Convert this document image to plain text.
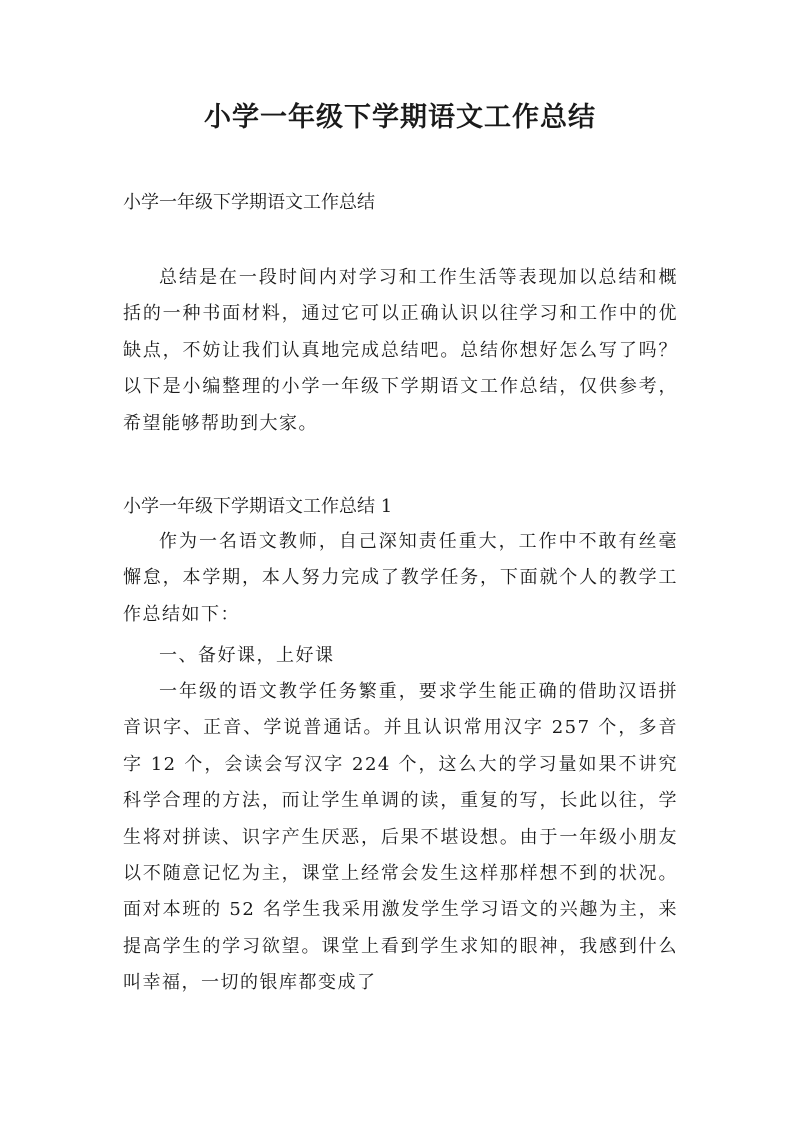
小学一年级下学期语文工作总结

小学一年级下学期语文工作总结

总结是在一段时间内对学习和工作生活等表现加以总结和概括的一种书面材料，通过它可以正确认识以往学习和工作中的优缺点，不妨让我们认真地完成总结吧。总结你想好怎么写了吗？以下是小编整理的小学一年级下学期语文工作总结，仅供参考，希望能够帮助到大家。

小学一年级下学期语文工作总结 1

作为一名语文教师，自己深知责任重大，工作中不敢有丝毫懈怠，本学期，本人努力完成了教学任务，下面就个人的教学工作总结如下：

一、备好课，上好课

一年级的语文教学任务繁重，要求学生能正确的借助汉语拼音识字、正音、学说普通话。并且认识常用汉字 257 个，多音字 12 个，会读会写汉字 224 个，这么大的学习量如果不讲究科学合理的方法，而让学生单调的读，重复的写，长此以往，学生将对拼读、识字产生厌恶，后果不堪设想。由于一年级小朋友以不随意记忆为主，课堂上经常会发生这样那样想不到的状况。面对本班的 52 名学生我采用激发学生学习语文的兴趣为主，来提高学生的学习欲望。课堂上看到学生求知的眼神，我感到什么叫幸福，一切的银库都变成了
